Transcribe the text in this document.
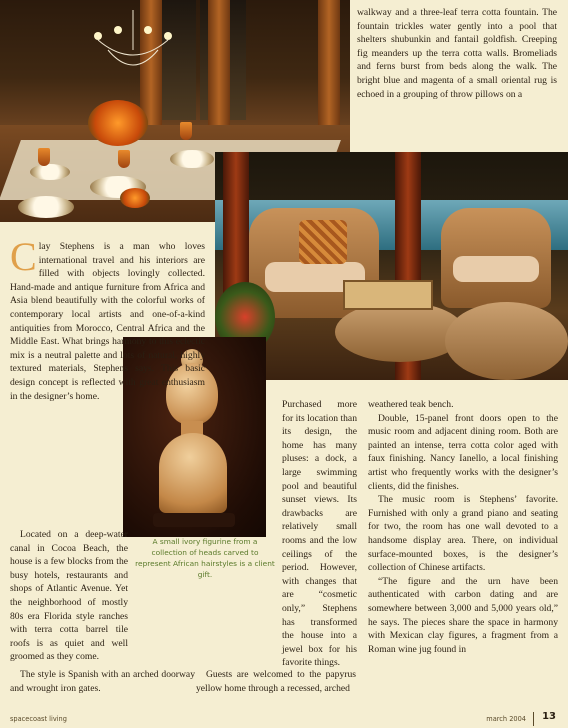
walkway and a three-leaf terra cotta fountain. The fountain trickles water gently into a pool that shelters shubunkin and fantail goldfish. Creeping fig meanders up the terra cotta walls. Bromeliads and ferns burst from beds along the walk. The bright blue and magenta of a small oriental rug is echoed in a grouping of throw pillows on a

Clay Stephens is a man who loves international travel and his interiors are filled with objects lovingly collected. Hand-made and antique furniture from Africa and Asia blend beautifully with the colorful works of contemporary local artists and one-of-a-kind antiquities from Morocco, Central Africa and the Middle East. What brings harmony to this eclectic mix is a neutral palette and lots of natural, highly textured materials, Stephens says. This basic design concept is reflected with great enthusiasm in the designer’s home.

Located on a deep-water canal in Cocoa Beach, the house is a few blocks from the busy hotels, restaurants and shops of Atlantic Avenue. Yet the neighborhood of mostly 80s era Florida style ranches with terra cotta barrel tile roofs is as quiet and well groomed as they come.

The style is Spanish with an arched doorway and wrought iron gates.

Purchased more for its location than its design, the home has many pluses: a dock, a large swimming pool and beautiful sunset views. Its drawbacks are relatively small rooms and the low ceilings of the period. However, with changes that are “cosmetic only,” Stephens has transformed the house into a jewel box for his favorite things.

Guests are welcomed to the papyrus yellow home through a recessed, arched

weathered teak bench.

Double, 15-panel front doors open to the music room and adjacent dining room. Both are painted an intense, terra cotta color aged with faux finishing. Nancy Ianello, a local finishing artist who frequently works with the designer’s clients, did the finishes.

The music room is Stephens’ favorite. Furnished with only a grand piano and seating for two, the room has one wall devoted to a handsome display area. There, on individual surface-mounted boxes, is the designer’s collection of Chinese artifacts.

“The figure and the urn have been authenticated with carbon dating and are somewhere between 3,000 and 5,000 years old,” he says. The pieces share the space in harmony with Mexican clay figures, a fragment from a Roman wine jug found in

A small ivory figurine from a collection of heads carved to represent African hairstyles is a client gift.
spacecoast living	march 2004 13
